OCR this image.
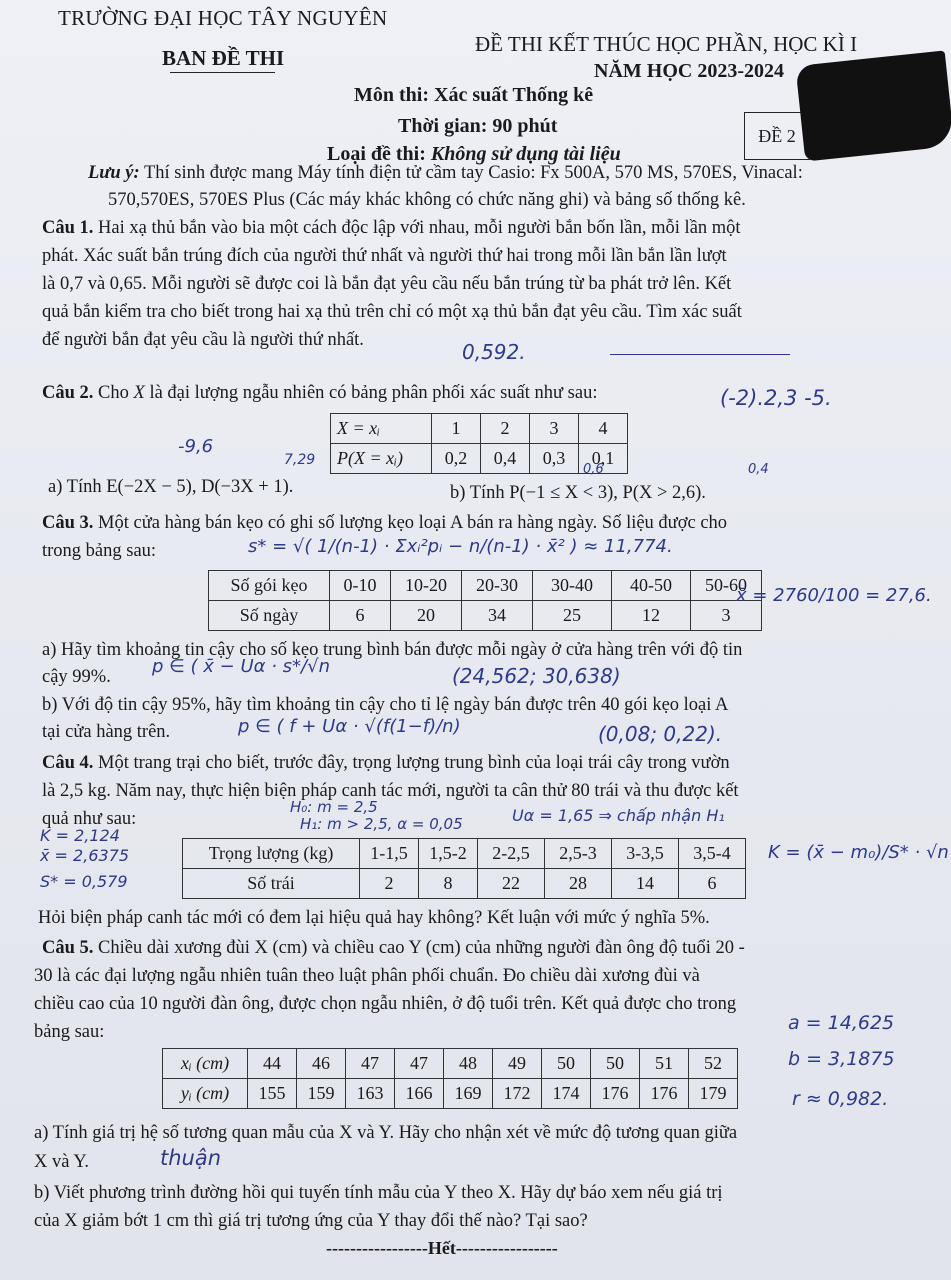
TRƯỜNG ĐẠI HỌC TÂY NGUYÊN
BAN ĐỀ THI
ĐỀ THI KẾT THÚC HỌC PHẦN, HỌC KÌ I
NĂM HỌC 2023-2024
Môn thi: Xác suất Thống kê
Thời gian: 90 phút
Loại đề thi: Không sử dụng tài liệu
ĐỀ 2
Lưu ý: Thí sinh được mang Máy tính điện tử cầm tay Casio: Fx 500A, 570 MS, 570ES, Vinacal:
570,570ES, 570ES Plus (Các máy khác không có chức năng ghi) và bảng số thống kê.
Câu 1. Hai xạ thủ bắn vào bia một cách độc lập với nhau, mỗi người bắn bốn lần, mỗi lần một
phát. Xác suất bắn trúng đích của người thứ nhất và người thứ hai trong mỗi lần bắn lần lượt
là 0,7 và 0,65. Mỗi người sẽ được coi là bắn đạt yêu cầu nếu bắn trúng từ ba phát trở lên. Kết
quả bắn kiểm tra cho biết trong hai xạ thủ trên chỉ có một xạ thủ bắn đạt yêu cầu. Tìm xác suất
để người bắn đạt yêu cầu là người thứ nhất.	0,592.
Câu 2. Cho X là đại lượng ngẫu nhiên có bảng phân phối xác suất như sau:	(-2).2,3 -5.
X = xᵢ	1	2	3	4
P(X = xᵢ)	0,2	0,4	0,3	0,1
-9,6
7,29
0,6	0,4
a) Tính E(−2X − 5), D(−3X + 1).	b) Tính P(−1 ≤ X < 3), P(X > 2,6).
Câu 3. Một cửa hàng bán kẹo có ghi số lượng kẹo loại A bán ra hàng ngày. Số liệu được cho
trong bảng sau:	s* = √( 1/(n-1) · Σxᵢ²pᵢ − n/(n-1) · x̄² ) ≈ 11,774.
Số gói kẹo	0-10	10-20	20-30	30-40	40-50	50-60
Số ngày	6	20	34	25	12	3
x̄ = 2760/100 = 27,6.
a) Hãy tìm khoảng tin cậy cho số kẹo trung bình bán được mỗi ngày ở cửa hàng trên với độ tin
cậy 99%. p ∈ ( x̄ − Uα · s*/√n	(24,562; 30,638)
b) Với độ tin cậy 95%, hãy tìm khoảng tin cậy cho tỉ lệ ngày bán được trên 40 gói kẹo loại A
tại cửa hàng trên.	p ∈ ( f + Uα · √(f(1−f)/n)	(0,08; 0,22).
Câu 4. Một trang trại cho biết, trước đây, trọng lượng trung bình của loại trái cây trong vườn
là 2,5 kg. Năm nay, thực hiện biện pháp canh tác mới, người ta cân thử 80 trái và thu được kết
quả như sau:
H₀: m = 2,5
H₁: m > 2,5, α = 0,05	Uα = 1,65 ⇒ chấp nhận H₁
K = 2,124
x̄ = 2,6375
S* = 0,579
Trọng lượng (kg)	1-1,5	1,5-2	2-2,5	2,5-3	3-3,5	3,5-4
Số trái	2	8	22	28	14	6
K = (x̄ − m₀)/S* · √n
Hỏi biện pháp canh tác mới có đem lại hiệu quả hay không? Kết luận với mức ý nghĩa 5%.
Câu 5. Chiều dài xương đùi X (cm) và chiều cao Y (cm) của những người đàn ông độ tuổi 20 -
30 là các đại lượng ngẫu nhiên tuân theo luật phân phối chuẩn. Đo chiều dài xương đùi và
chiều cao của 10 người đàn ông, được chọn ngẫu nhiên, ở độ tuổi trên. Kết quả được cho trong
bảng sau:
xᵢ (cm)	44	46	47	47	48	49	50	50	51	52
yᵢ (cm)	155	159	163	166	169	172	174	176	176	179
a = 14,625
b = 3,1875
r ≈ 0,982.
a) Tính giá trị hệ số tương quan mẫu của X và Y. Hãy cho nhận xét về mức độ tương quan giữa
X và Y.	thuận
b) Viết phương trình đường hồi qui tuyến tính mẫu của Y theo X. Hãy dự báo xem nếu giá trị
của X giảm bớt 1 cm thì giá trị tương ứng của Y thay đổi thế nào? Tại sao?
-----------------Hết-----------------
